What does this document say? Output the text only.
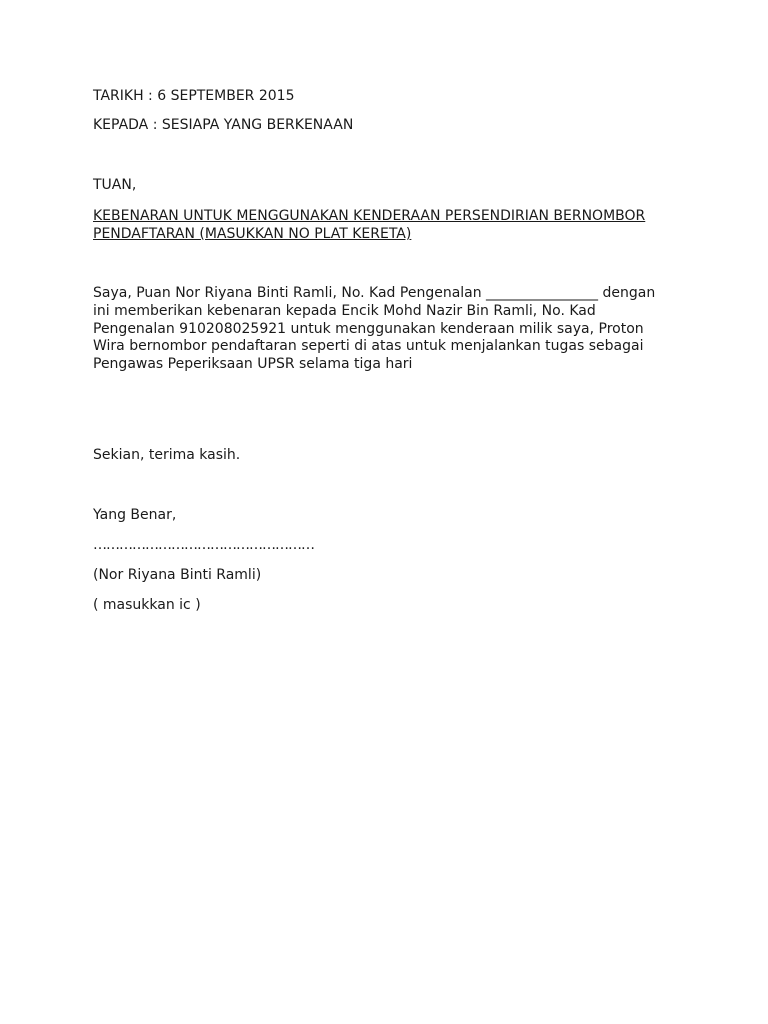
TARIKH : 6 SEPTEMBER 2015

KEPADA : SESIAPA YANG BERKENAAN

TUAN,

KEBENARAN UNTUK MENGGUNAKAN KENDERAAN PERSENDIRIAN BERNOMBOR
PENDAFTARAN (MASUKKAN NO PLAT KERETA)
Saya, Puan Nor Riyana Binti Ramli, No. Kad Pengenalan ________________ dengan
ini memberikan kebenaran kepada Encik Mohd Nazir Bin Ramli, No. Kad
Pengenalan 910208025921 untuk menggunakan kenderaan milik saya, Proton
Wira bernombor pendaftaran seperti di atas untuk menjalankan tugas sebagai
Pengawas Peperiksaan UPSR selama tiga hari

Sekian, terima kasih.

Yang Benar,

……………………………………………

(Nor Riyana Binti Ramli)

( masukkan ic )
